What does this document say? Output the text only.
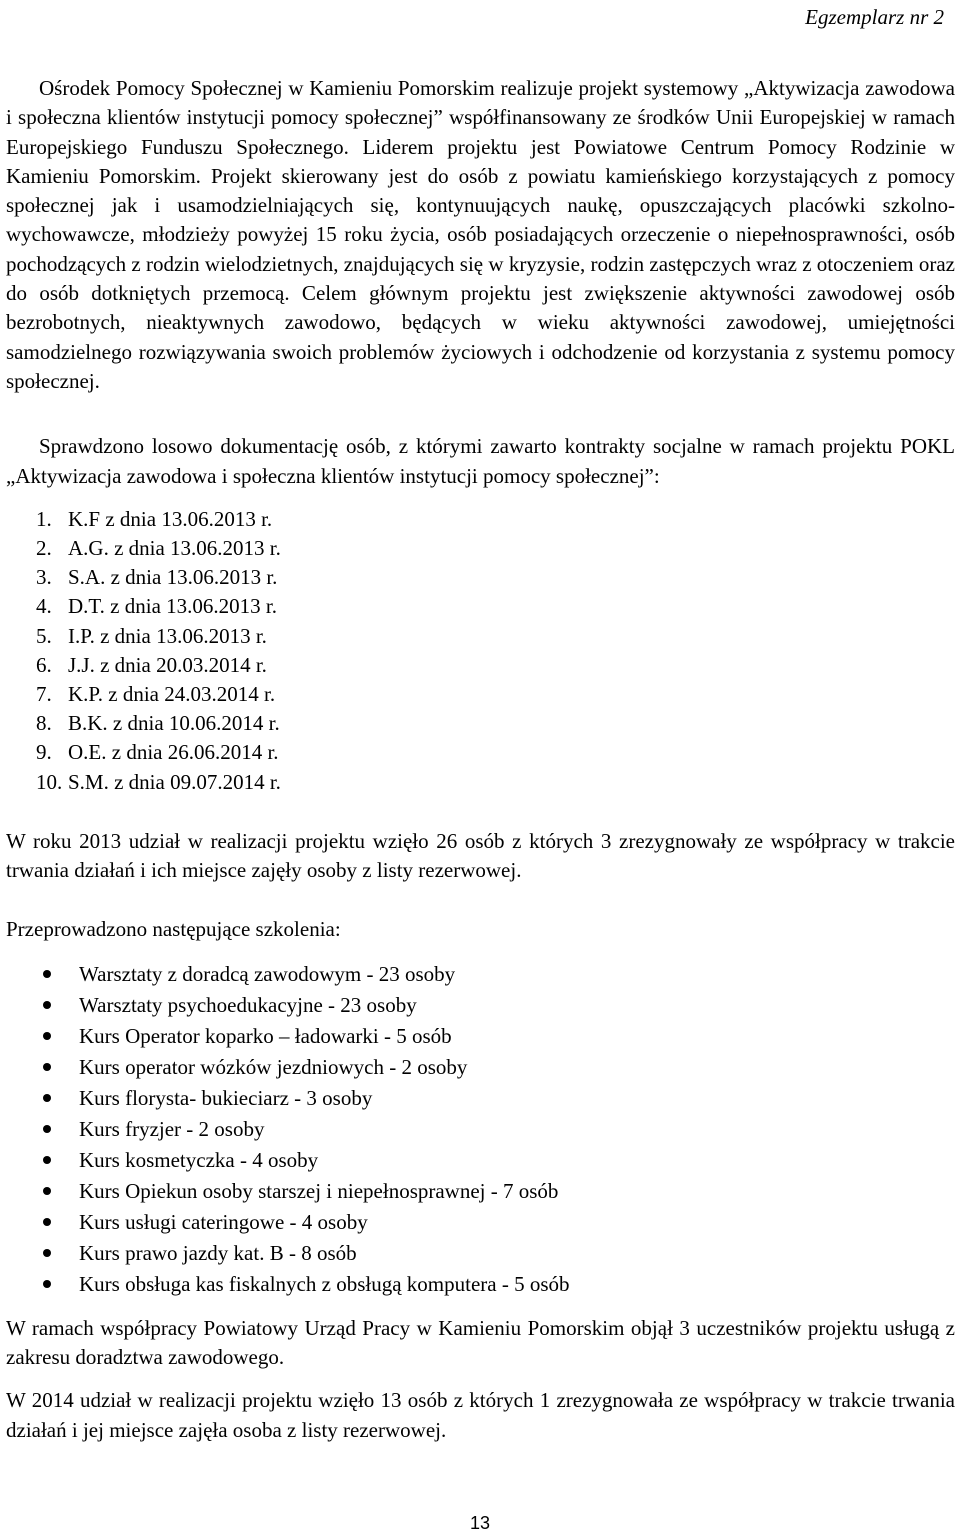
Egzemplarz nr 2

Ośrodek Pomocy Społecznej w Kamieniu Pomorskim realizuje projekt systemowy „Aktywizacja zawodowa i społeczna klientów instytucji pomocy społecznej” współfinansowany ze środków Unii Europejskiej w ramach Europejskiego Funduszu Społecznego. Liderem projektu jest Powiatowe Centrum Pomocy Rodzinie w Kamieniu Pomorskim. Projekt skierowany jest do osób z powiatu kamieńskiego korzystających z pomocy społecznej jak i usamodzielniających się, kontynuujących naukę, opuszczających placówki szkolno-wychowawcze, młodzieży powyżej 15 roku życia, osób posiadających orzeczenie o niepełnosprawności, osób pochodzących z rodzin wielodzietnych, znajdujących się w kryzysie, rodzin zastępczych wraz z otoczeniem oraz do osób dotkniętych przemocą. Celem głównym projektu jest zwiększenie aktywności zawodowej osób bezrobotnych, nieaktywnych zawodowo, będących w wieku aktywności zawodowej, umiejętności samodzielnego rozwiązywania swoich problemów życiowych i odchodzenie od korzystania z systemu pomocy społecznej.

Sprawdzono losowo dokumentację osób, z którymi zawarto kontrakty socjalne w ramach projektu POKL „Aktywizacja zawodowa i społeczna klientów instytucji pomocy społecznej”:

1. K.F z dnia 13.06.2013 r.
2. A.G. z dnia 13.06.2013 r.
3. S.A. z dnia 13.06.2013 r.
4. D.T. z dnia 13.06.2013 r.
5. I.P. z dnia 13.06.2013 r.
6. J.J. z dnia 20.03.2014 r.
7. K.P. z dnia 24.03.2014 r.
8. B.K. z dnia 10.06.2014 r.
9. O.E. z dnia 26.06.2014 r.
10. S.M. z dnia 09.07.2014 r.

W roku 2013 udział w realizacji projektu wzięło 26 osób z których 3 zrezygnowały ze współpracy w trakcie trwania działań i ich miejsce zajęły osoby z listy rezerwowej.

Przeprowadzono następujące szkolenia:

Warsztaty z doradcą zawodowym - 23 osoby
Warsztaty psychoedukacyjne - 23 osoby
Kurs Operator koparko – ładowarki - 5 osób
Kurs operator wózków jezdniowych - 2 osoby
Kurs florysta- bukieciarz - 3 osoby
Kurs fryzjer - 2 osoby
Kurs kosmetyczka - 4 osoby
Kurs Opiekun osoby starszej i niepełnosprawnej - 7 osób
Kurs usługi cateringowe - 4 osoby
Kurs prawo jazdy kat. B - 8 osób
Kurs obsługa kas fiskalnych z obsługą komputera - 5 osób

W ramach współpracy Powiatowy Urząd Pracy w Kamieniu Pomorskim objął 3 uczestników projektu usługą z zakresu doradztwa zawodowego.

W 2014 udział w realizacji projektu wzięło 13 osób z których 1 zrezygnowała ze współpracy w trakcie trwania działań i jej miejsce zajęła osoba z listy rezerwowej.

13
